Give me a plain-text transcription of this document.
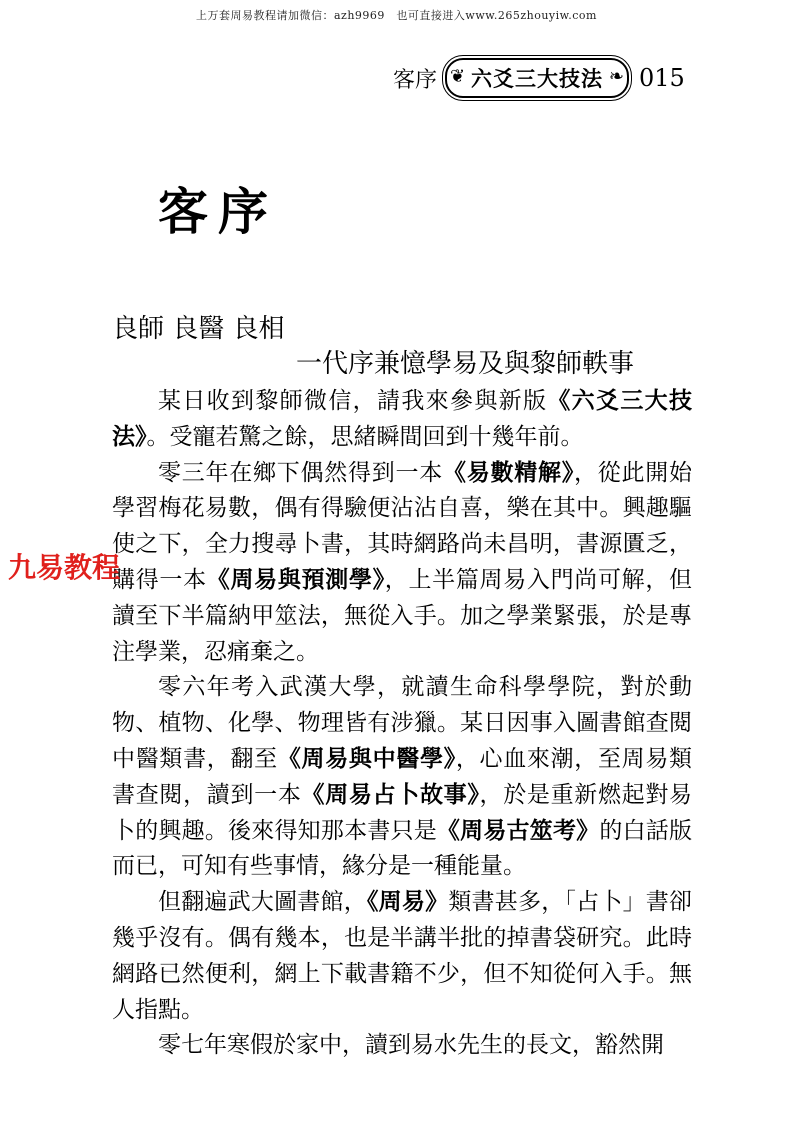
上万套周易教程请加微信：azh9969　也可直接进入www.265zhouyiw.com
客序 ❦ 六爻三大技法 ❧ 015
客序
良師 良醫 良相
一代序兼憶學易及與黎師軼事

某日收到黎師微信，請我來參與新版《六爻三大技法》。受寵若驚之餘，思緒瞬間回到十幾年前。

零三年在鄉下偶然得到一本《易數精解》，從此開始學習梅花易數，偶有得驗便沾沾自喜，樂在其中。興趣驅使之下，全力搜尋卜書，其時網路尚未昌明，書源匱乏，購得一本《周易與預測學》，上半篇周易入門尚可解，但讀至下半篇納甲筮法，無從入手。加之學業緊張，於是專注學業，忍痛棄之。

零六年考入武漢大學，就讀生命科學學院，對於動物、植物、化學、物理皆有涉獵。某日因事入圖書館查閱中醫類書，翻至《周易與中醫學》，心血來潮，至周易類書查閱，讀到一本《周易占卜故事》，於是重新燃起對易卜的興趣。後來得知那本書只是《周易古筮考》的白話版而已，可知有些事情，緣分是一種能量。

但翻遍武大圖書館，《周易》類書甚多，「占卜」書卻幾乎沒有。偶有幾本，也是半講半批的掉書袋研究。此時網路已然便利，網上下載書籍不少，但不知從何入手。無人指點。

零七年寒假於家中，讀到易水先生的長文，豁然開

九易教程
